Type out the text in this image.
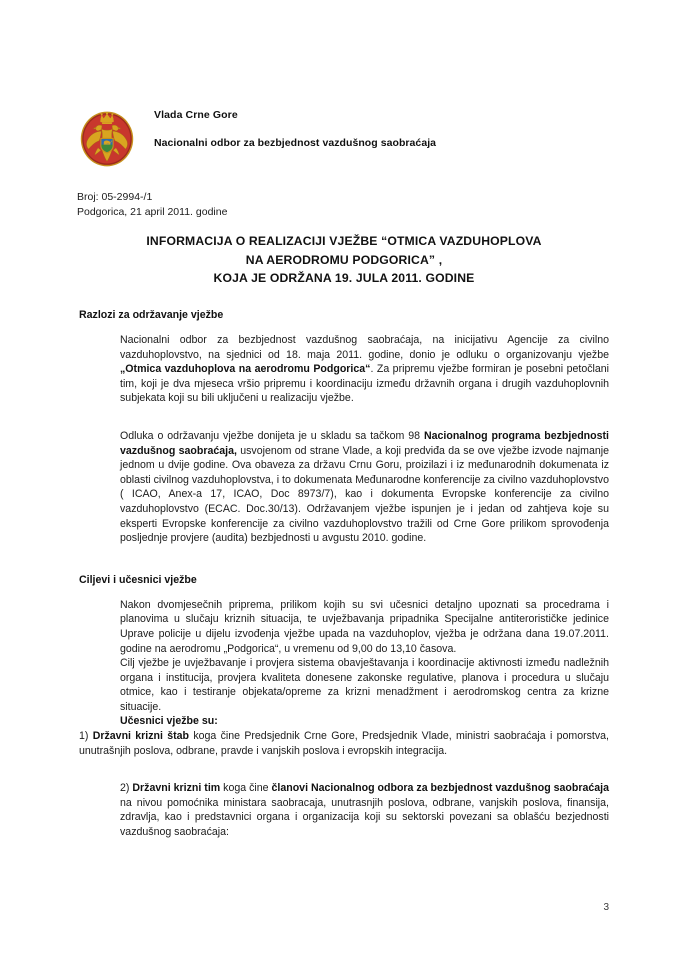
Vlada Crne Gore

Nacionalni odbor za bezbjednost vazdušnog saobraćaja

Broj: 05-2994-/1
Podgorica, 21 april 2011. godine
INFORMACIJA O REALIZACIJI VJEŽBE “OTMICA VAZDUHOPLOVA
NA AERODROMU PODGORICA” ,
KOJA JE ODRŽANA 19. JULA 2011. GODINE
Razlozi za održavanje vježbe

Nacionalni odbor za bezbjednost vazdušnog saobraćaja, na inicijativu Agencije za civilno vazduhoplovstvo, na sjednici od 18. maja 2011. godine, donio je odluku o organizovanju vježbe „Otmica vazduhoplova na aerodromu Podgorica“. Za pripremu vježbe formiran je posebni petočlani tim, koji je dva mjeseca vršio pripremu i koordinaciju između državnih organa i drugih vazduhoplovnih subjekata koji su bili uključeni u realizaciju vježbe.

Odluka o održavanju vježbe donijeta je u skladu sa tačkom 98 Nacionalnog programa bezbjednosti vazdušnog saobraćaja, usvojenom od strane Vlade, a koji predviđa da se ove vježbe izvode najmanje jednom u dvije godine. Ova obaveza za državu Crnu Goru, proizilazi i iz međunarodnih dokumenata iz oblasti civilnog vazduhoplovstva, i to dokumenata Međunarodne konferencije za civilno vazduhoplovstvo ( ICAO, Anex-a 17, ICAO, Doc 8973/7), kao i dokumenta Evropske konferencije za civilno vazduhoplovstvo (ECAC. Doc.30/13). Održavanjem vježbe ispunjen je i jedan od zahtjeva koje su eksperti Evropske konferencije za civilno vazduhoplovstvo tražili od Crne Gore prilikom sprovođenja posljednje provjere (audita) bezbjednosti u avgustu 2010. godine.

Ciljevi i učesnici vježbe

Nakon dvomjesečnih priprema, prilikom kojih su svi učesnici detaljno upoznati sa procedrama i planovima u slučaju kriznih situacija, te uvježbavanja pripadnika Specijalne antiterorističke jedinice Uprave policije u dijelu izvođenja vježbe upada na vazduhoplov, vježba je održana dana 19.07.2011. godine na aerodromu „Podgorica“, u vremenu od 9,00 do 13,10 časova.

Cilj vježbe je uvježbavanje i provjera sistema obavještavanja i koordinacije aktivnosti između nadležnih organa i institucija, provjera kvaliteta donesene zakonske regulative, planova i procedura u slučaju otmice, kao i testiranje objekata/opreme za krizni menadžment i aerodromskog centra za krizne situacije.

Učesnici vježbe su:

1) Državni krizni štab koga čine Predsjednik Crne Gore, Predsjednik Vlade, ministri saobraćaja i pomorstva, unutrašnjih poslova, odbrane, pravde i vanjskih poslova i evropskih integracija.

2) Državni krizni tim koga čine članovi Nacionalnog odbora za bezbjednost vazdušnog saobraćaja na nivou pomoćnika ministara saobracaja, unutrasnjih poslova, odbrane, vanjskih poslova, finansija, zdravlja, kao i predstavnici organa i organizacija koji su sektorski povezani sa oblašću bezjednosti vazdušnog saobraćaja:

3
